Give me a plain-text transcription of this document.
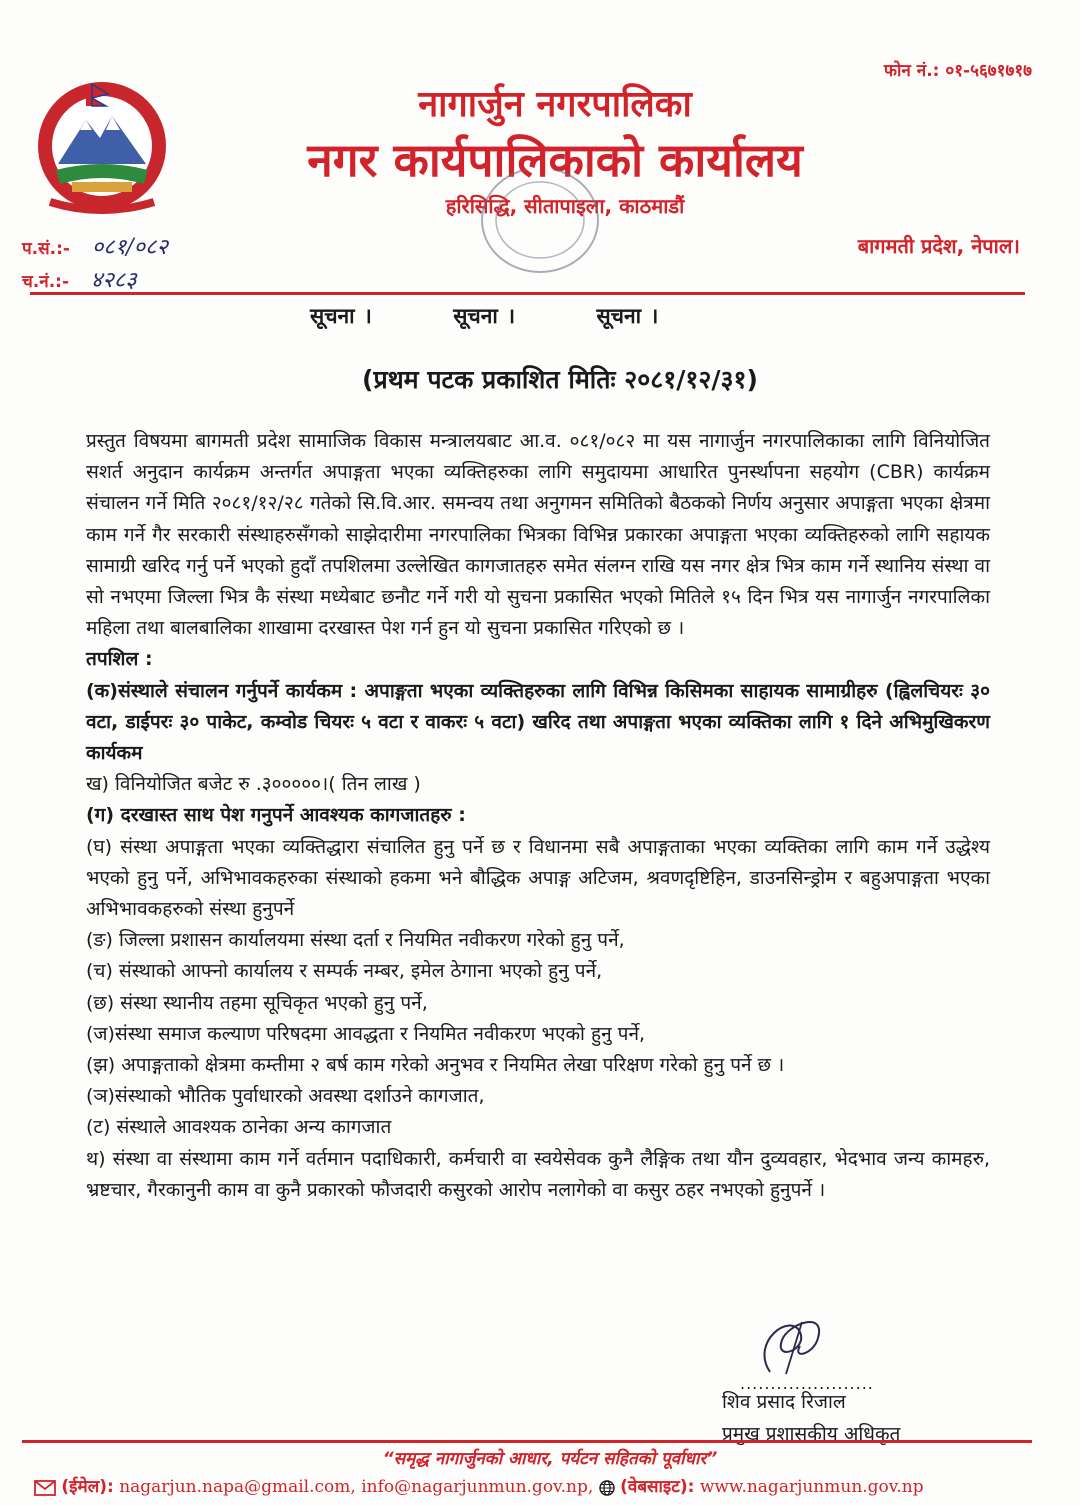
फोन नं.: ०१-५६७१७१७
नागार्जुन नगरपालिका
नगर कार्यपालिकाको कार्यालय
हरिसिद्धि, सीतापाइला, काठमाडौं
प.सं.:- ०८१/०८२
च.नं.:- ४२८३
बागमती प्रदेश, नेपाल।
सूचना ।	सूचना ।	सूचना ।
(प्रथम पटक प्रकाशित मितिः २०८१/१२/३१)

प्रस्तुत विषयमा बागमती प्रदेश सामाजिक विकास मन्त्रालयबाट आ.व. ०८१/०८२ मा यस नागार्जुन नगरपालिकाका लागि विनियोजित सशर्त अनुदान कार्यक्रम अन्तर्गत अपाङ्गता भएका व्यक्तिहरुका लागि समुदायमा आधारित पुनर्स्थापना सहयोग (CBR) कार्यक्रम संचालन गर्ने मिति २०८१/१२/२८ गतेको सि.वि.आर. समन्वय तथा अनुगमन समितिको बैठकको निर्णय अनुसार अपाङ्गता भएका क्षेत्रमा काम गर्ने गैर सरकारी संस्थाहरुसँगको साझेदारीमा नगरपालिका भित्रका विभिन्न प्रकारका अपाङ्गता भएका व्यक्तिहरुको लागि सहायक सामाग्री खरिद गर्नु पर्ने भएको हुदाँ तपशिलमा उल्लेखित कागजातहरु समेत संलग्न राखि यस नगर क्षेत्र भित्र काम गर्ने स्थानिय संस्था वा सो नभएमा जिल्ला भित्र कै संस्था मध्येबाट छनौट गर्ने गरी यो सुचना प्रकासित भएको मितिले १५ दिन भित्र यस नागार्जुन नगरपालिका महिला तथा बालबालिका शाखामा दरखास्त पेश गर्न हुन यो सुचना प्रकासित गरिएको छ ।

तपशिल :

(क)संस्थाले संचालन गर्नुपर्ने कार्यकम : अपाङ्गता भएका व्यक्तिहरुका लागि विभिन्न किसिमका साहायक सामाग्रीहरु (ह्विलचियरः ३० वटा, डाईपरः ३० पाकेट, कम्वोड चियरः ५ वटा र वाकरः ५ वटा) खरिद तथा अपाङ्गता भएका व्यक्तिका लागि १ दिने अभिमुखिकरण कार्यकम

ख) विनियोजित बजेट रु .३०००००।( तिन लाख )

(ग) दरखास्त साथ पेश गनुपर्ने आवश्यक कागजातहरु :

(घ) संस्था अपाङ्गता भएका व्यक्तिद्धारा संचालित हुनु पर्ने छ र विधानमा सबै अपाङ्गताका भएका व्यक्तिका लागि काम गर्ने उद्धेश्य भएको हुनु पर्ने, अभिभावकहरुका संस्थाको हकमा भने बौद्धिक अपाङ्ग अटिजम, श्रवणदृष्टिहिन, डाउनसिन्ड्रोम र बहुअपाङ्गता भएका अभिभावकहरुको संस्था हुनुपर्ने

(ङ) जिल्ला प्रशासन कार्यालयमा संस्था दर्ता र नियमित नवीकरण गरेको हुनु पर्ने,

(च) संस्थाको आफ्नो कार्यालय र सम्पर्क नम्बर, इमेल ठेगाना भएको हुनु पर्ने,

(छ) संस्था स्थानीय तहमा सूचिकृत भएको हुनु पर्ने,

(ज)संस्था समाज कल्याण परिषदमा आवद्धता र नियमित नवीकरण भएको हुनु पर्ने,

(झ) अपाङ्गताको क्षेत्रमा कम्तीमा २ बर्ष काम गरेको अनुभव र नियमित लेखा परिक्षण गरेको हुनु पर्ने छ ।

(ञ)संस्थाको भौतिक पुर्वाधारको अवस्था दर्शाउने कागजात,

(ट) संस्थाले आवश्यक ठानेका अन्य कागजात

थ) संस्था वा संस्थामा काम गर्ने वर्तमान पदाधिकारी, कर्मचारी वा स्वयेसेवक कुनै लैङ्गिक तथा यौन दुव्यवहार, भेदभाव जन्य कामहरु, भ्रष्टचार, गैरकानुनी काम वा कुनै प्रकारको फौजदारी कसुरको आरोप नलागेको वा कसुर ठहर नभएको हुनुपर्ने ।

......................
शिव प्रसाद रिजाल
प्रमुख प्रशासकीय अधिकृत
“समृद्ध नागार्जुनको आधार, पर्यटन सहितको पूर्वाधार”
(ईमेल): nagarjun.napa@gmail.com, info@nagarjunmun.gov.np, (वेबसाइट): www.nagarjunmun.gov.np
